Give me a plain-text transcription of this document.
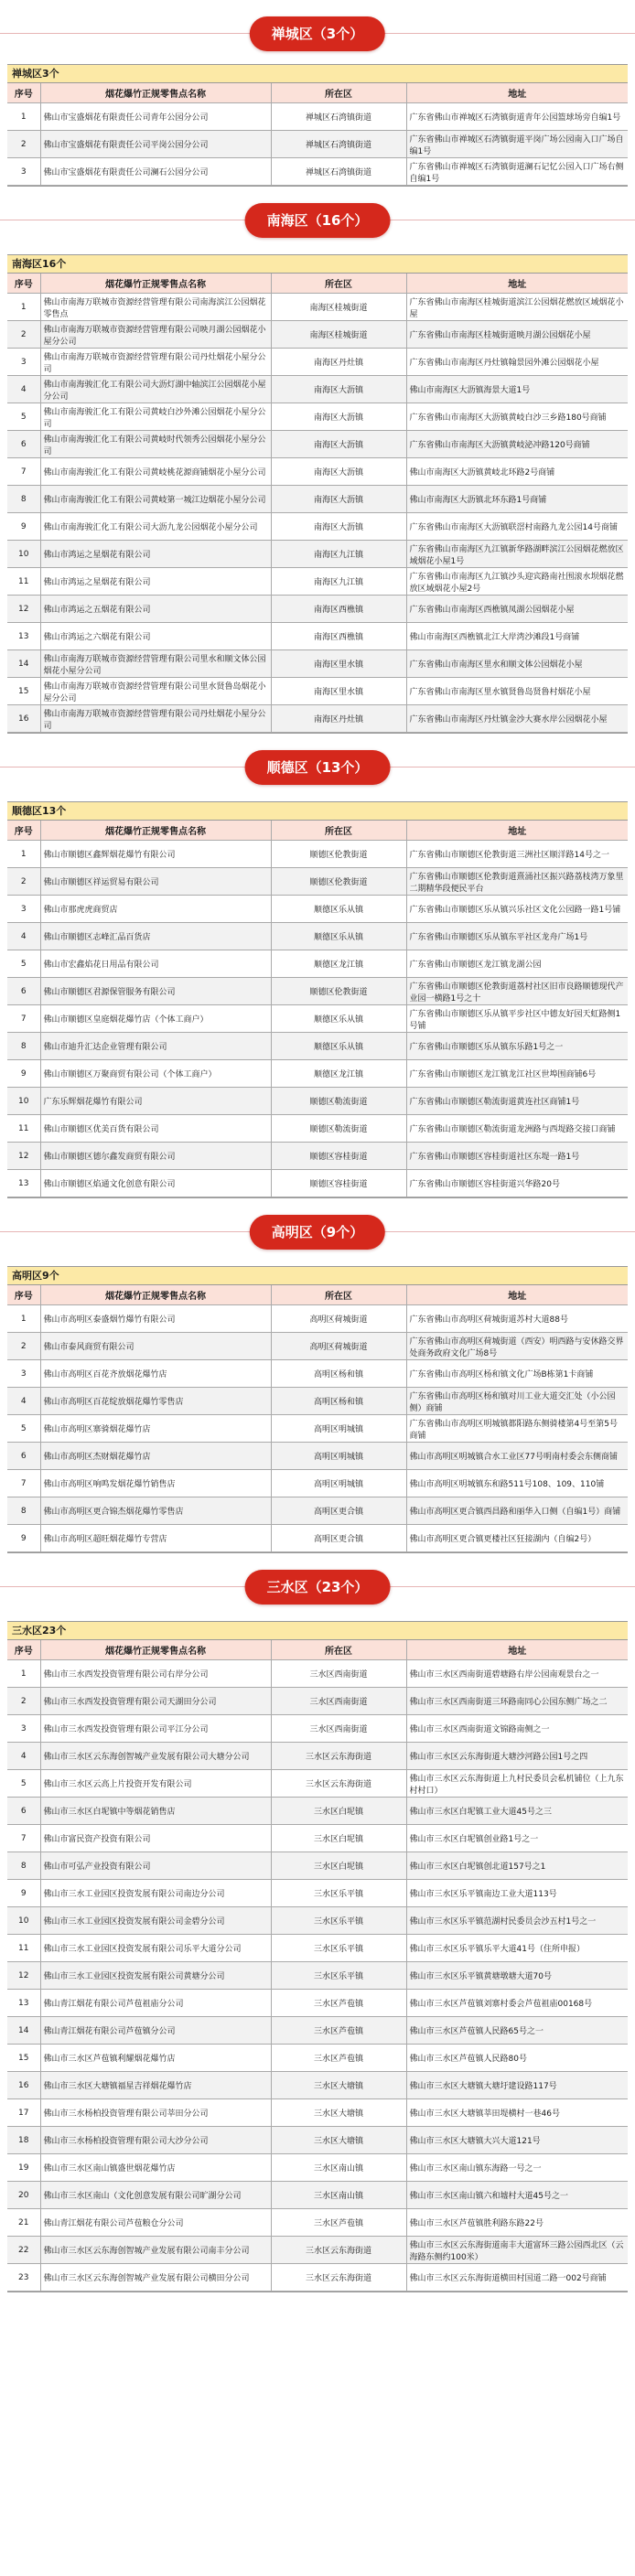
禅城区（3个）
禅城区3个
序号	烟花爆竹正规零售点名称	所在区	地址
1	佛山市宝盛烟花有限责任公司青年公园分公司	禅城区石湾镇街道	广东省佛山市禅城区石湾镇街道青年公园篮球场旁自编1号
2	佛山市宝盛烟花有限责任公司平岗公园分公司	禅城区石湾镇街道	广东省佛山市禅城区石湾镇街道平岗广场公园南入口广场自编1号
3	佛山市宝盛烟花有限责任公司澜石公园分公司	禅城区石湾镇街道	广东省佛山市禅城区石湾镇街道澜石记忆公园入口广场右侧自编1号
南海区（16个）
南海区16个
序号	烟花爆竹正规零售点名称	所在区	地址
1	佛山市南海万联城市资源经营管理有限公司南海滨江公园烟花零售点	南海区桂城街道	广东省佛山市南海区桂城街道滨江公园烟花燃放区域烟花小屋
2	佛山市南海万联城市资源经营管理有限公司映月湖公园烟花小屋分公司	南海区桂城街道	广东省佛山市南海区桂城街道映月湖公园烟花小屋
3	佛山市南海万联城市资源经营管理有限公司丹灶烟花小屋分公司	南海区丹灶镇	广东省佛山市南海区丹灶镇翰景园外滩公园烟花小屋
4	佛山市南海骏汇化工有限公司大沥灯湖中轴滨江公园烟花小屋分公司	南海区大沥镇	佛山市南海区大沥镇海景大道1号
5	佛山市南海骏汇化工有限公司黄岐白沙外滩公园烟花小屋分公司	南海区大沥镇	广东省佛山市南海区大沥镇黄岐白沙三乡路180号商铺
6	佛山市南海骏汇化工有限公司黄岐时代领秀公园烟花小屋分公司	南海区大沥镇	广东省佛山市南海区大沥镇黄岐泌冲路120号商铺
7	佛山市南海骏汇化工有限公司黄岐桃花源商铺烟花小屋分公司	南海区大沥镇	佛山市南海区大沥镇黄岐北环路2号商铺
8	佛山市南海骏汇化工有限公司黄岐第一城江边烟花小屋分公司	南海区大沥镇	佛山市南海区大沥镇北环东路1号商铺
9	佛山市南海骏汇化工有限公司大沥九龙公园烟花小屋分公司	南海区大沥镇	广东省佛山市南海区大沥镇联滘村南路九龙公园14号商铺
10	佛山市鸿运之星烟花有限公司	南海区九江镇	广东省佛山市南海区九江镇新华路湖畔滨江公园烟花燃放区域烟花小屋1号
11	佛山市鸿运之星烟花有限公司	南海区九江镇	广东省佛山市南海区九江镇沙头迎宾路南社围滚水坝烟花燃放区域烟花小屋2号
12	佛山市鸿运之五烟花有限公司	南海区西樵镇	广东省佛山市南海区西樵镇凤湖公园烟花小屋
13	佛山市鸿运之六烟花有限公司	南海区西樵镇	佛山市南海区西樵镇北江大岸湾沙滩段1号商铺
14	佛山市南海万联城市资源经营管理有限公司里水和顺文体公园烟花小屋分公司	南海区里水镇	广东省佛山市南海区里水和顺文体公园烟花小屋
15	佛山市南海万联城市资源经营管理有限公司里水贤鲁岛烟花小屋分公司	南海区里水镇	广东省佛山市南海区里水镇贤鲁岛贤鲁村烟花小屋
16	佛山市南海万联城市资源经营管理有限公司丹灶烟花小屋分公司	南海区丹灶镇	广东省佛山市南海区丹灶镇金沙大赛水岸公园烟花小屋
顺德区（13个）
顺德区13个
序号	烟花爆竹正规零售点名称	所在区	地址
1	佛山市顺德区鑫辉烟花爆竹有限公司	顺德区伦教街道	广东省佛山市顺德区伦教街道三洲社区顺洋路14号之一
2	佛山市顺德区祥运贸易有限公司	顺德区伦教街道	广东省佛山市顺德区伦教街道熹涌社区振兴路荔枝湾万象里二期精华段便民平台
3	佛山市那虎虎商贸店	顺德区乐从镇	广东省佛山市顺德区乐从镇兴乐社区文化公园路一路1号铺
4	佛山市顺德区志峰汇品百货店	顺德区乐从镇	广东省佛山市顺德区乐从镇东平社区龙舟广场1号
5	佛山市宏鑫焰花日用品有限公司	顺德区龙江镇	广东省佛山市顺德区龙江镇龙湖公园
6	佛山市顺德区君源保管服务有限公司	顺德区伦教街道	广东省佛山市顺德区伦教街道荔村社区旧市良路顺德现代产业园一横路1号之十
7	佛山市顺德区皇庭烟花爆竹店（个体工商户）	顺德区乐从镇	广东省佛山市顺德区乐从镇平步社区中德友好园天虹路侧1号铺
8	佛山市迪升汇达企业管理有限公司	顺德区乐从镇	广东省佛山市顺德区乐从镇东乐路1号之一
9	佛山市顺德区万聚商贸有限公司（个体工商户）	顺德区龙江镇	广东省佛山市顺德区龙江镇龙江社区世埠围商铺6号
10	广东乐辉烟花爆竹有限公司	顺德区勒流街道	广东省佛山市顺德区勒流街道黄连社区商铺1号
11	佛山市顺德区优美百货有限公司	顺德区勒流街道	广东省佛山市顺德区勒流街道龙洲路与西堤路交接口商铺
12	佛山市顺德区德尔鑫发商贸有限公司	顺德区容桂街道	广东省佛山市顺德区容桂街道社区东堤一路1号
13	佛山市顺德区焰通文化创意有限公司	顺德区容桂街道	广东省佛山市顺德区容桂街道兴华路20号
高明区（9个）
高明区9个
序号	烟花爆竹正规零售点名称	所在区	地址
1	佛山市高明区泰盛烟竹爆竹有限公司	高明区荷城街道	广东省佛山市高明区荷城街道苏村大道88号
2	佛山市泰风商贸有限公司	高明区荷城街道	广东省佛山市高明区荷城街道（西安）明西路与安休路交界处商务政府文化广场8号
3	佛山市高明区百花齐放烟花爆竹店	高明区杨和镇	广东省佛山市高明区杨和镇文化广场B栋第1卡商铺
4	佛山市高明区百花绽放烟花爆竹零售店	高明区杨和镇	广东省佛山市高明区杨和镇对川工业大道交汇处（小公园侧）商铺
5	佛山市高明区寨骑烟花爆竹店	高明区明城镇	广东省佛山市高明区明城镇都阳路东侧骑楼第4号至第5号商铺
6	佛山市高明区杰财烟花爆竹店	高明区明城镇	佛山市高明区明城镇合水工业区77号明南村委会东侧商铺
7	佛山市高明区响鸣发烟花爆竹销售店	高明区明城镇	佛山市高明区明城镇东和路511号108、109、110铺
8	佛山市高明区更合锦杰烟花爆竹零售店	高明区更合镇	佛山市高明区更合镇西昌路和丽华入口侧（自编1号）商铺
9	佛山市高明区超旺烟花爆竹专营店	高明区更合镇	佛山市高明区更合镇更楼社区狂接湖内（自编2号）
三水区（23个）
三水区23个
序号	烟花爆竹正规零售点名称	所在区	地址
1	佛山市三水西发投资管理有限公司右岸分公司	三水区西南街道	佛山市三水区西南街道碧塘路右岸公园南观景台之一
2	佛山市三水西发投资管理有限公司天湖田分公司	三水区西南街道	佛山市三水区西南街道三环路南同心公园东侧广场之二
3	佛山市三水西发投资管理有限公司平江分公司	三水区西南街道	佛山市三水区西南街道文锦路南侧之一
4	佛山市三水区云东海创智城产业发展有限公司大塘分公司	三水区云东海街道	佛山市三水区云东海街道大塘沙河路公园1号之四
5	佛山市三水区云高上片投资开发有限公司	三水区云东海街道	佛山市三水区云东海街道上九村民委员会私机铺位（上九东村村口）
6	佛山市三水区白坭镇中等烟花销售店	三水区白坭镇	佛山市三水区白坭镇工业大道45号之三
7	佛山市富民资产投资有限公司	三水区白坭镇	佛山市三水区白坭镇创业路1号之一
8	佛山市可弘产业投资有限公司	三水区白坭镇	佛山市三水区白坭镇创北道157号之1
9	佛山市三水工业园区投资发展有限公司南边分公司	三水区乐平镇	佛山市三水区乐平镇南边工业大道113号
10	佛山市三水工业园区投资发展有限公司金碧分公司	三水区乐平镇	佛山市三水区乐平镇范湖村民委员会沙五村1号之一
11	佛山市三水工业园区投资发展有限公司乐平大道分公司	三水区乐平镇	佛山市三水区乐平镇乐平大道41号（住所申报）
12	佛山市三水工业园区投资发展有限公司黄塘分公司	三水区乐平镇	佛山市三水区乐平镇黄塘墩塘大道70号
13	佛山青江烟花有限公司芦苞祖庙分公司	三水区芦苞镇	佛山市三水区芦苞镇刘寨村委会芦苞祖庙00168号
14	佛山青江烟花有限公司芦苞镇分公司	三水区芦苞镇	佛山市三水区芦苞镇人民路65号之一
15	佛山市三水区芦苞镇利耀烟花爆竹店	三水区芦苞镇	佛山市三水区芦苞镇人民路80号
16	佛山市三水区大塘镇福星吉祥烟花爆竹店	三水区大塘镇	佛山市三水区大塘镇大塘圩建设路117号
17	佛山市三水杨柏投资管理有限公司莘田分公司	三水区大塘镇	佛山市三水区大塘镇莘田堤横村一巷46号
18	佛山市三水杨柏投资管理有限公司大沙分公司	三水区大塘镇	佛山市三水区大塘镇大兴大道121号
19	佛山市三水区南山镇盛世烟花爆竹店	三水区南山镇	佛山市三水区南山镇东海路一号之一
20	佛山市三水区南山（文化创意发展有限公司旷湖分公司	三水区南山镇	佛山市三水区南山镇六和墟村大道45号之一
21	佛山青江烟花有限公司芦苞粮仓分公司	三水区芦苞镇	佛山市三水区芦苞镇胜利路东路22号
22	佛山市三水区云东海创智城产业发展有限公司南丰分公司	三水区云东海街道	佛山市三水区云东海街道南丰大道富环三路公园西北区（云海路东侧约100米）
23	佛山市三水区云东海创智城产业发展有限公司横田分公司	三水区云东海街道	佛山市三水区云东海街道横田村国道二路一002号商铺
